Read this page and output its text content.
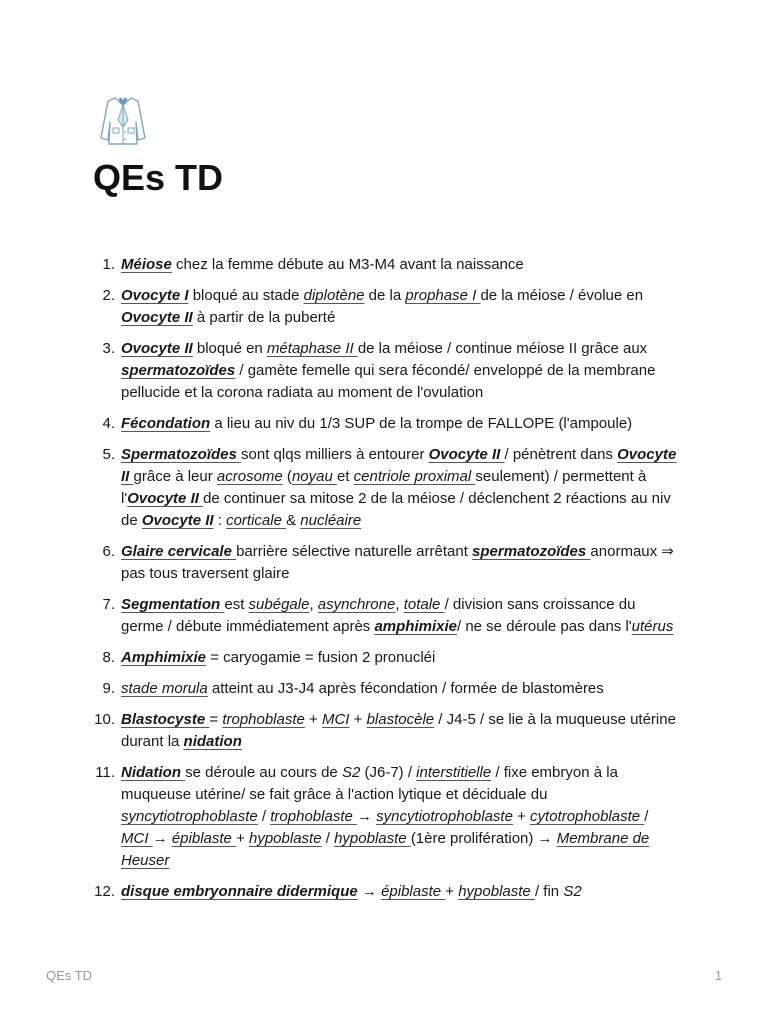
QEs TD
1. Méiose chez la femme débute au M3-M4 avant la naissance
2. Ovocyte I bloqué au stade diplotène de la prophase I de la méiose / évolue en Ovocyte II à partir de la puberté
3. Ovocyte II bloqué en métaphase II de la méiose / continue méiose II grâce aux spermatozoïdes / gamète femelle qui sera fécondé/ enveloppé de la membrane pellucide et la corona radiata au moment de l'ovulation
4. Fécondation a lieu au niv du 1/3 SUP de la trompe de FALLOPE (l'ampoule)
5. Spermatozoïdes sont qlqs milliers à entourer Ovocyte II / pénètrent dans Ovocyte II grâce à leur acrosome (noyau et centriole proximal seulement) / permettent à l'Ovocyte II de continuer sa mitose 2 de la méiose / déclenchent 2 réactions au niv de Ovocyte II : corticale & nucléaire
6. Glaire cervicale barrière sélective naturelle arrêtant spermatozoïdes anormaux ⇒ pas tous traversent glaire
7. Segmentation est subégale, asynchrone, totale / division sans croissance du germe / débute immédiatement après amphimixie/ ne se déroule pas dans l'utérus
8. Amphimixie = caryogamie = fusion 2 pronucléi
9. stade morula atteint au J3-J4 après fécondation / formée de blastomères
10. Blastocyste = trophoblaste + MCI + blastocèle / J4-5 / se lie à la muqueuse utérine durant la nidation
11. Nidation se déroule au cours de S2 (J6-7) / interstitielle / fixe embryon à la muqueuse utérine/ se fait grâce à l'action lytique et déciduale du syncytiotrophoblaste / trophoblaste → syncytiotrophoblaste + cytotrophoblaste / MCI → épiblaste + hypoblaste / hypoblaste (1ère prolifération) → Membrane de Heuser
12. disque embryonnaire didermique → épiblaste + hypoblaste / fin S2
QEs TD	1
